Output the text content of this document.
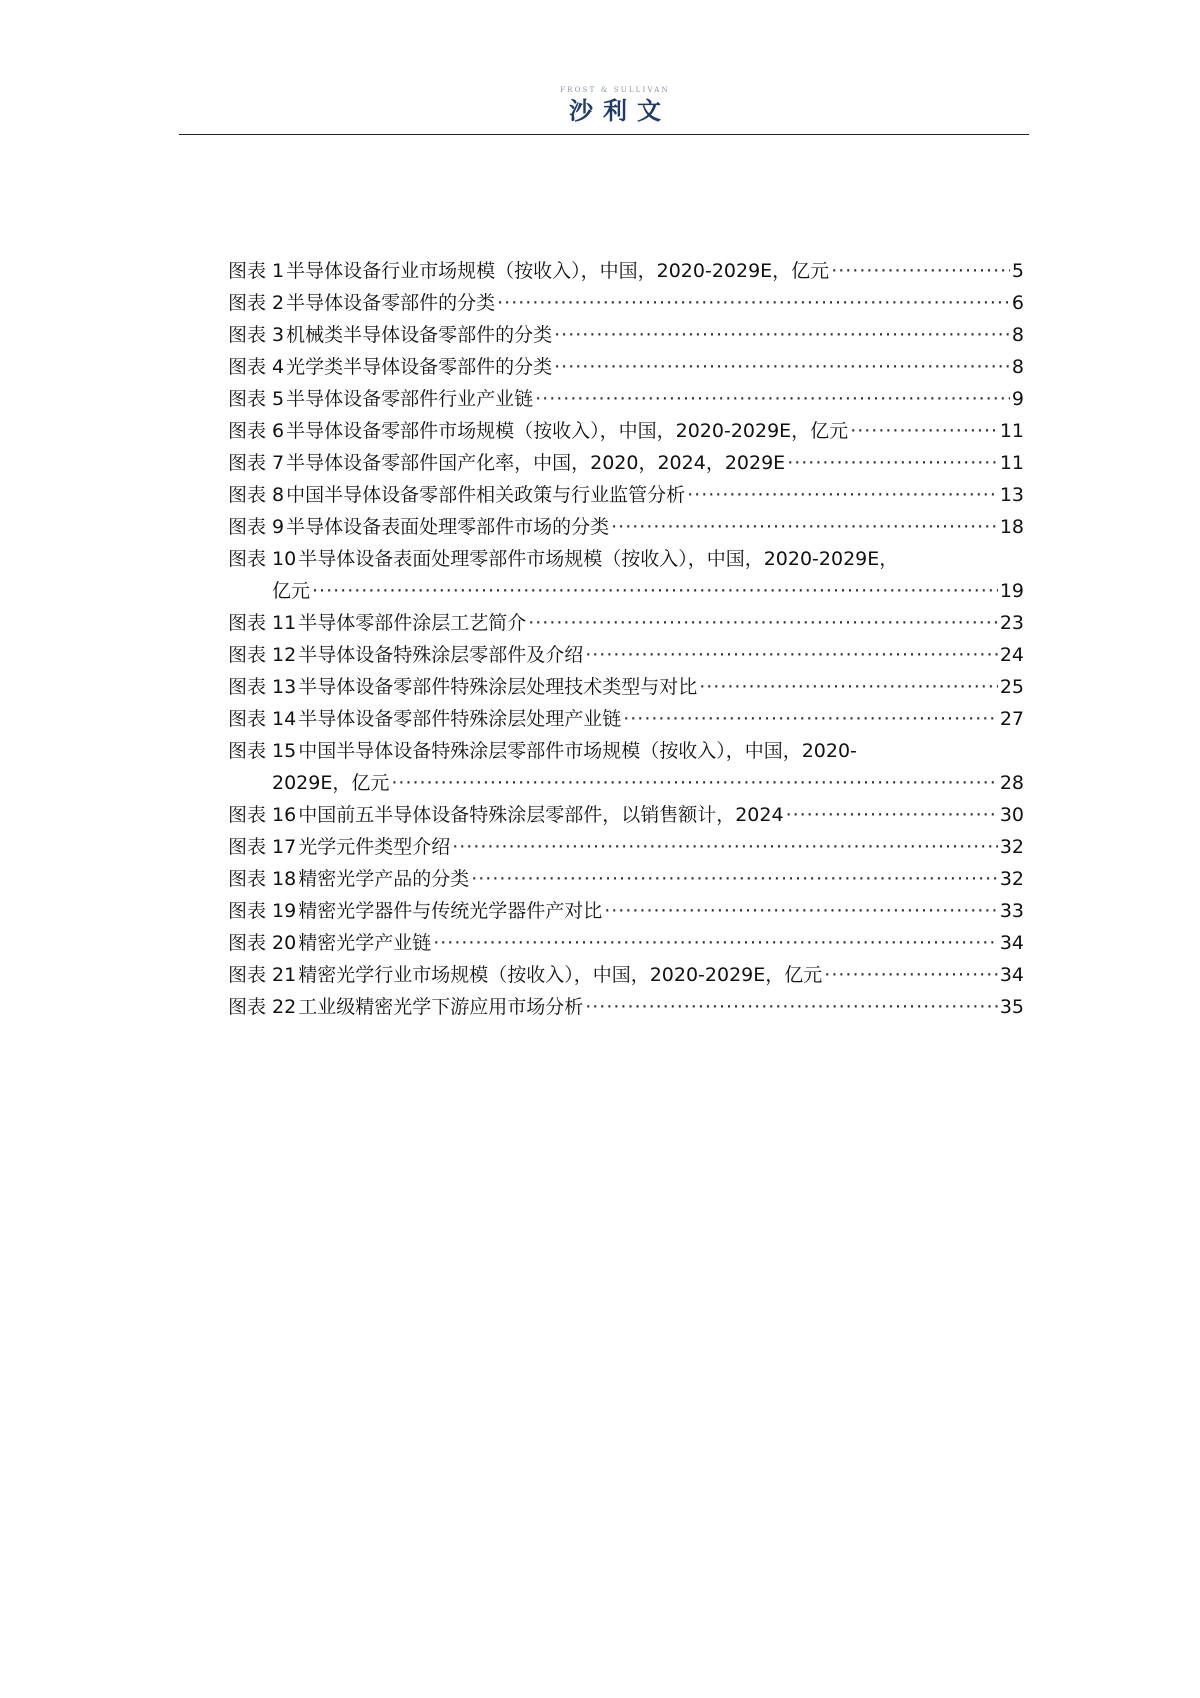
FROST & SULLIVAN
沙利文
图表 1 半导体设备行业市场规模（按收入），中国，2020-2029E，亿元 ·····	5
图表 2 半导体设备零部件的分类 ·····	6
图表 3 机械类半导体设备零部件的分类 ·····	8
图表 4 光学类半导体设备零部件的分类 ·····	8
图表 5 半导体设备零部件行业产业链 ·····	9
图表 6 半导体设备零部件市场规模（按收入），中国，2020-2029E，亿元 ·····	11
图表 7 半导体设备零部件国产化率，中国，2020，2024，2029E ·····	11
图表 8 中国半导体设备零部件相关政策与行业监管分析 ·····	13
图表 9 半导体设备表面处理零部件市场的分类 ·····	18
图表 10 半导体设备表面处理零部件市场规模（按收入），中国，2020-2029E，
亿元 ·····	19
图表 11 半导体零部件涂层工艺简介 ·····	23
图表 12 半导体设备特殊涂层零部件及介绍 ·····	24
图表 13 半导体设备零部件特殊涂层处理技术类型与对比 ·····	25
图表 14 半导体设备零部件特殊涂层处理产业链 ·····	27
图表 15 中国半导体设备特殊涂层零部件市场规模（按收入），中国，2020-
2029E，亿元 ·····	28
图表 16 中国前五半导体设备特殊涂层零部件，以销售额计，2024 ·····	30
图表 17 光学元件类型介绍 ·····	32
图表 18 精密光学产品的分类 ·····	32
图表 19 精密光学器件与传统光学器件产对比 ·····	33
图表 20 精密光学产业链 ·····	34
图表 21 精密光学行业市场规模（按收入），中国，2020-2029E，亿元 ·····	34
图表 22 工业级精密光学下游应用市场分析 ·····	35
